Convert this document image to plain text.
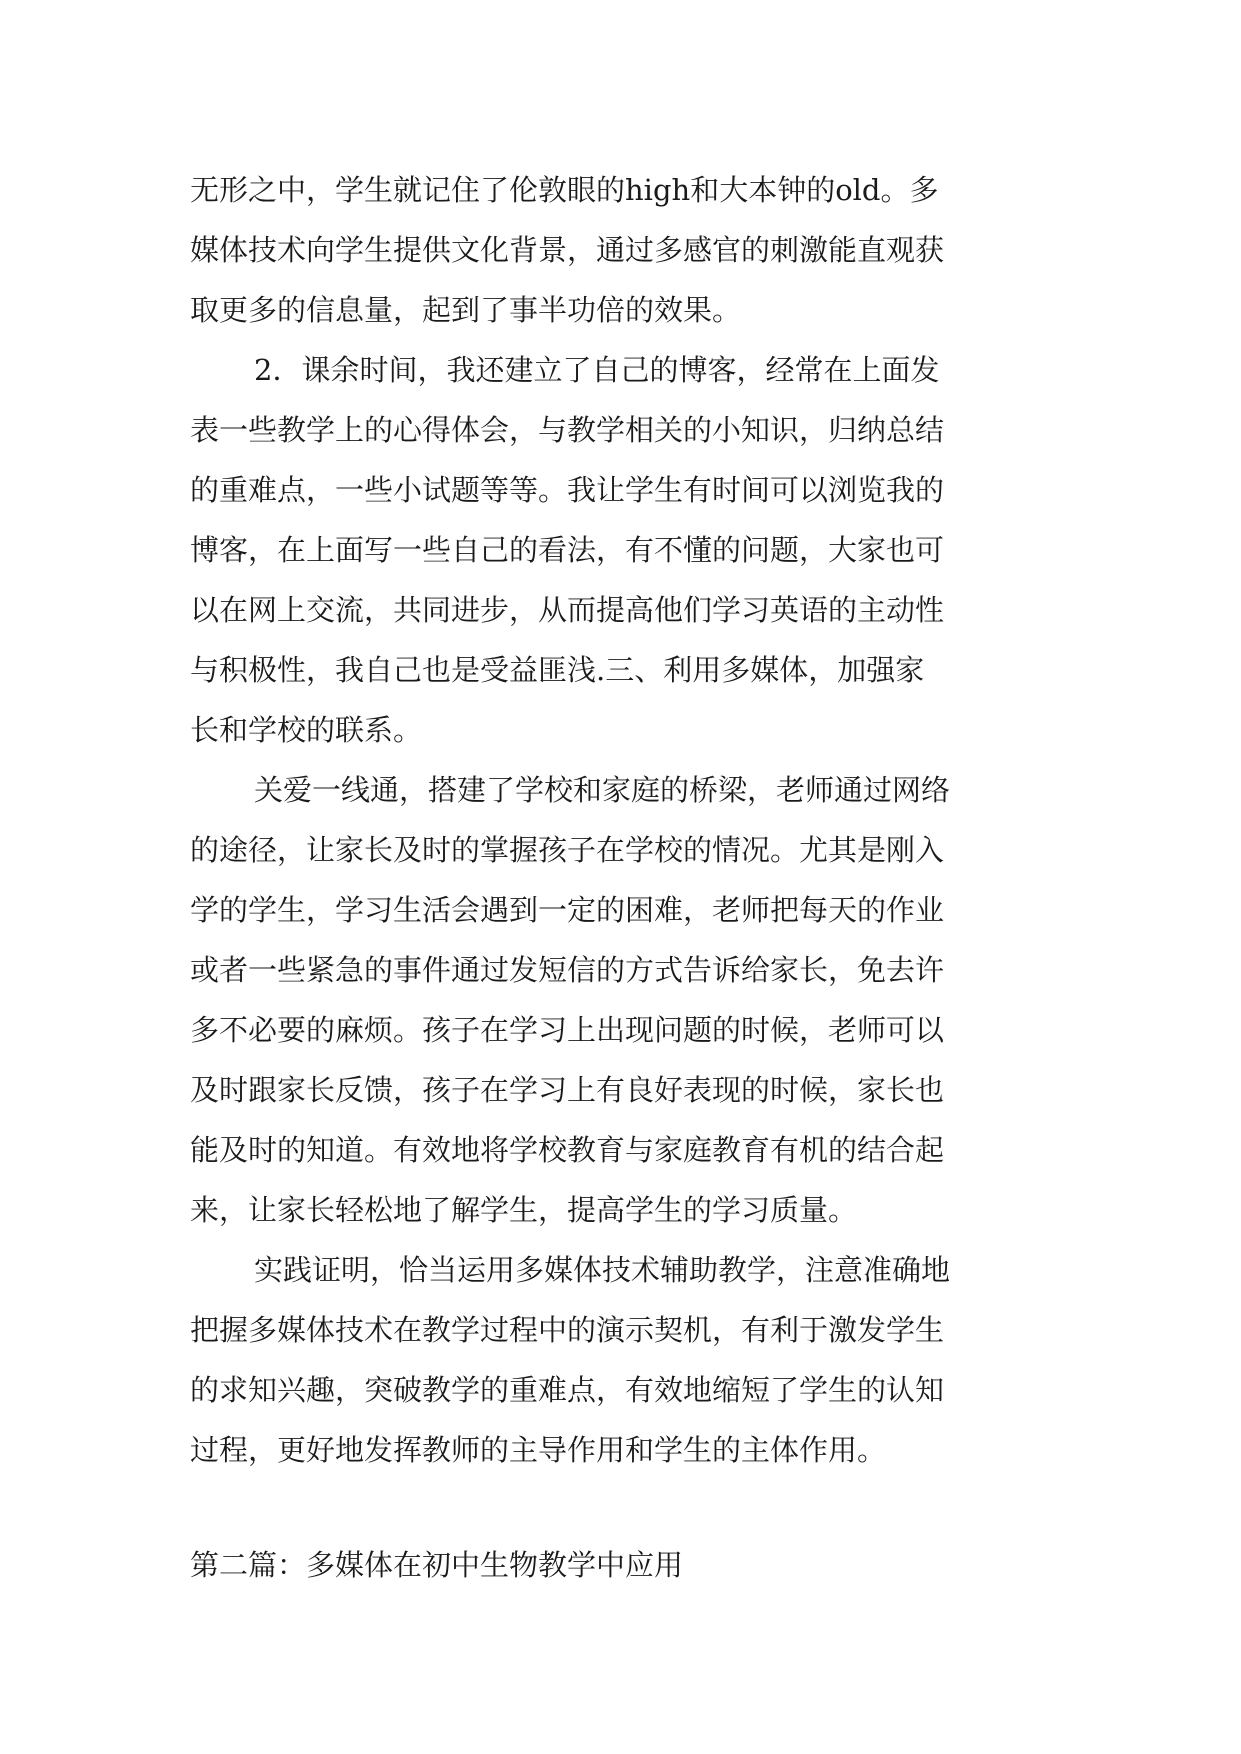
无形之中，学生就记住了伦敦眼的high和大本钟的old。多
媒体技术向学生提供文化背景，通过多感官的刺激能直观获
取更多的信息量，起到了事半功倍的效果。
2．课余时间，我还建立了自己的博客，经常在上面发
表一些教学上的心得体会，与教学相关的小知识，归纳总结
的重难点，一些小试题等等。我让学生有时间可以浏览我的
博客，在上面写一些自己的看法，有不懂的问题，大家也可
以在网上交流，共同进步，从而提高他们学习英语的主动性
与积极性，我自己也是受益匪浅.三、利用多媒体，加强家
长和学校的联系。
关爱一线通，搭建了学校和家庭的桥梁，老师通过网络
的途径，让家长及时的掌握孩子在学校的情况。尤其是刚入
学的学生，学习生活会遇到一定的困难，老师把每天的作业
或者一些紧急的事件通过发短信的方式告诉给家长，免去许
多不必要的麻烦。孩子在学习上出现问题的时候，老师可以
及时跟家长反馈，孩子在学习上有良好表现的时候，家长也
能及时的知道。有效地将学校教育与家庭教育有机的结合起
来，让家长轻松地了解学生，提高学生的学习质量。
实践证明，恰当运用多媒体技术辅助教学，注意准确地
把握多媒体技术在教学过程中的演示契机，有利于激发学生
的求知兴趣，突破教学的重难点，有效地缩短了学生的认知
过程，更好地发挥教师的主导作用和学生的主体作用。
第二篇：多媒体在初中生物教学中应用
